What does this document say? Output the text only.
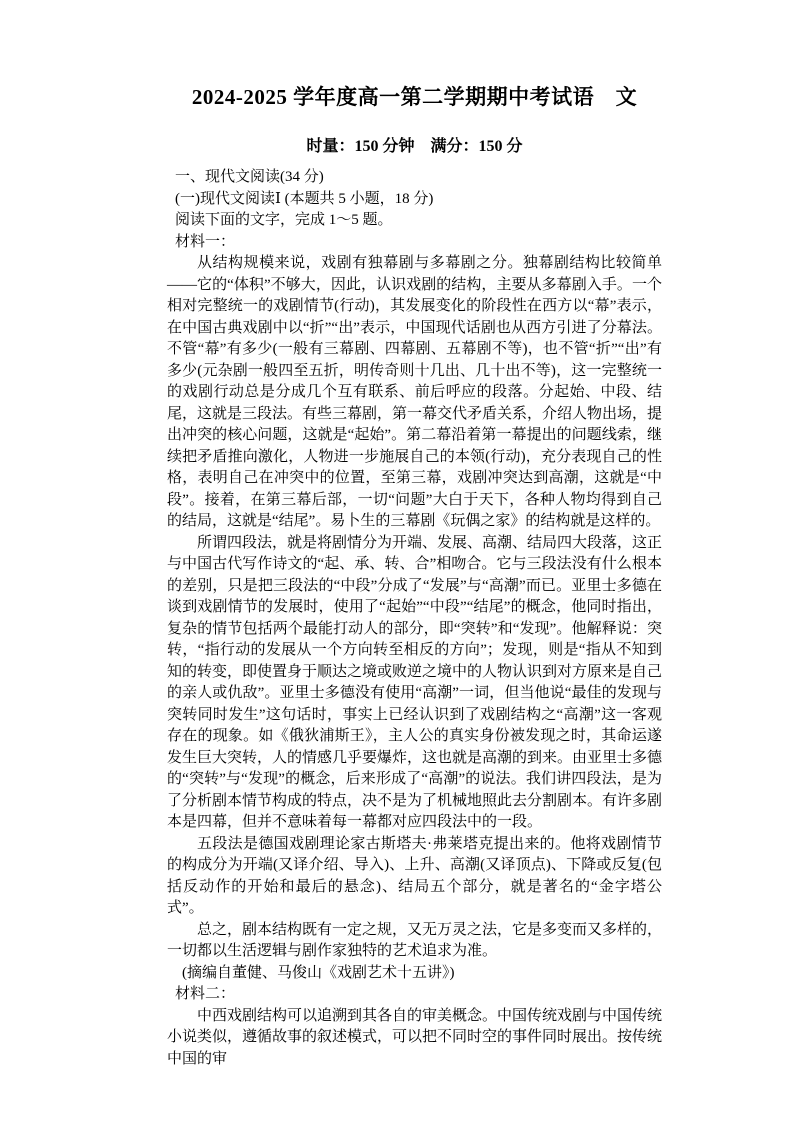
2024-2025 学年度高一第二学期期中考试语　文
时量：150 分钟　满分：150 分

一、现代文阅读(34 分)

(一)现代文阅读Ⅰ (本题共 5 小题，18 分)

阅读下面的文字，完成 1～5 题。

材料一：

从结构规模来说，戏剧有独幕剧与多幕剧之分。独幕剧结构比较简单——它的“体积”不够大，因此，认识戏剧的结构，主要从多幕剧入手。一个相对完整统一的戏剧情节(行动)，其发展变化的阶段性在西方以“幕”表示，在中国古典戏剧中以“折”“出”表示，中国现代话剧也从西方引进了分幕法。不管“幕”有多少(一般有三幕剧、四幕剧、五幕剧不等)，也不管“折”“出”有多少(元杂剧一般四至五折，明传奇则十几出、几十出不等)，这一完整统一的戏剧行动总是分成几个互有联系、前后呼应的段落。分起始、中段、结尾，这就是三段法。有些三幕剧，第一幕交代矛盾关系，介绍人物出场，提出冲突的核心问题，这就是“起始”。第二幕沿着第一幕提出的问题线索，继续把矛盾推向激化，人物进一步施展自己的本领(行动)，充分表现自己的性格，表明自己在冲突中的位置，至第三幕，戏剧冲突达到高潮，这就是“中段”。接着，在第三幕后部，一切“问题”大白于天下，各种人物均得到自己的结局，这就是“结尾”。易卜生的三幕剧《玩偶之家》的结构就是这样的。

所谓四段法，就是将剧情分为开端、发展、高潮、结局四大段落，这正与中国古代写作诗文的“起、承、转、合”相吻合。它与三段法没有什么根本的差别，只是把三段法的“中段”分成了“发展”与“高潮”而已。亚里士多德在谈到戏剧情节的发展时，使用了“起始”“中段”“结尾”的概念，他同时指出，复杂的情节包括两个最能打动人的部分，即“突转”和“发现”。他解释说：突转，“指行动的发展从一个方向转至相反的方向”；发现，则是“指从不知到知的转变，即使置身于顺达之境或败逆之境中的人物认识到对方原来是自己的亲人或仇敌”。亚里士多德没有使用“高潮”一词，但当他说“最佳的发现与突转同时发生”这句话时，事实上已经认识到了戏剧结构之“高潮”这一客观存在的现象。如《俄狄浦斯王》，主人公的真实身份被发现之时，其命运遂发生巨大突转，人的情感几乎要爆炸，这也就是高潮的到来。由亚里士多德的“突转”与“发现”的概念，后来形成了“高潮”的说法。我们讲四段法，是为了分析剧本情节构成的特点，决不是为了机械地照此去分割剧本。有许多剧本是四幕，但并不意味着每一幕都对应四段法中的一段。

五段法是德国戏剧理论家古斯塔夫·弗莱塔克提出来的。他将戏剧情节的构成分为开端(又译介绍、导入)、上升、高潮(又译顶点)、下降或反复(包括反动作的开始和最后的悬念)、结局五个部分，就是著名的“金字塔公式”。

总之，剧本结构既有一定之规，又无万灵之法，它是多变而又多样的，一切都以生活逻辑与剧作家独特的艺术追求为准。

(摘编自董健、马俊山《戏剧艺术十五讲》)

材料二：

中西戏剧结构可以追溯到其各自的审美概念。中国传统戏剧与中国传统小说类似，遵循故事的叙述模式，可以把不同时空的事件同时展出。按传统中国的审
